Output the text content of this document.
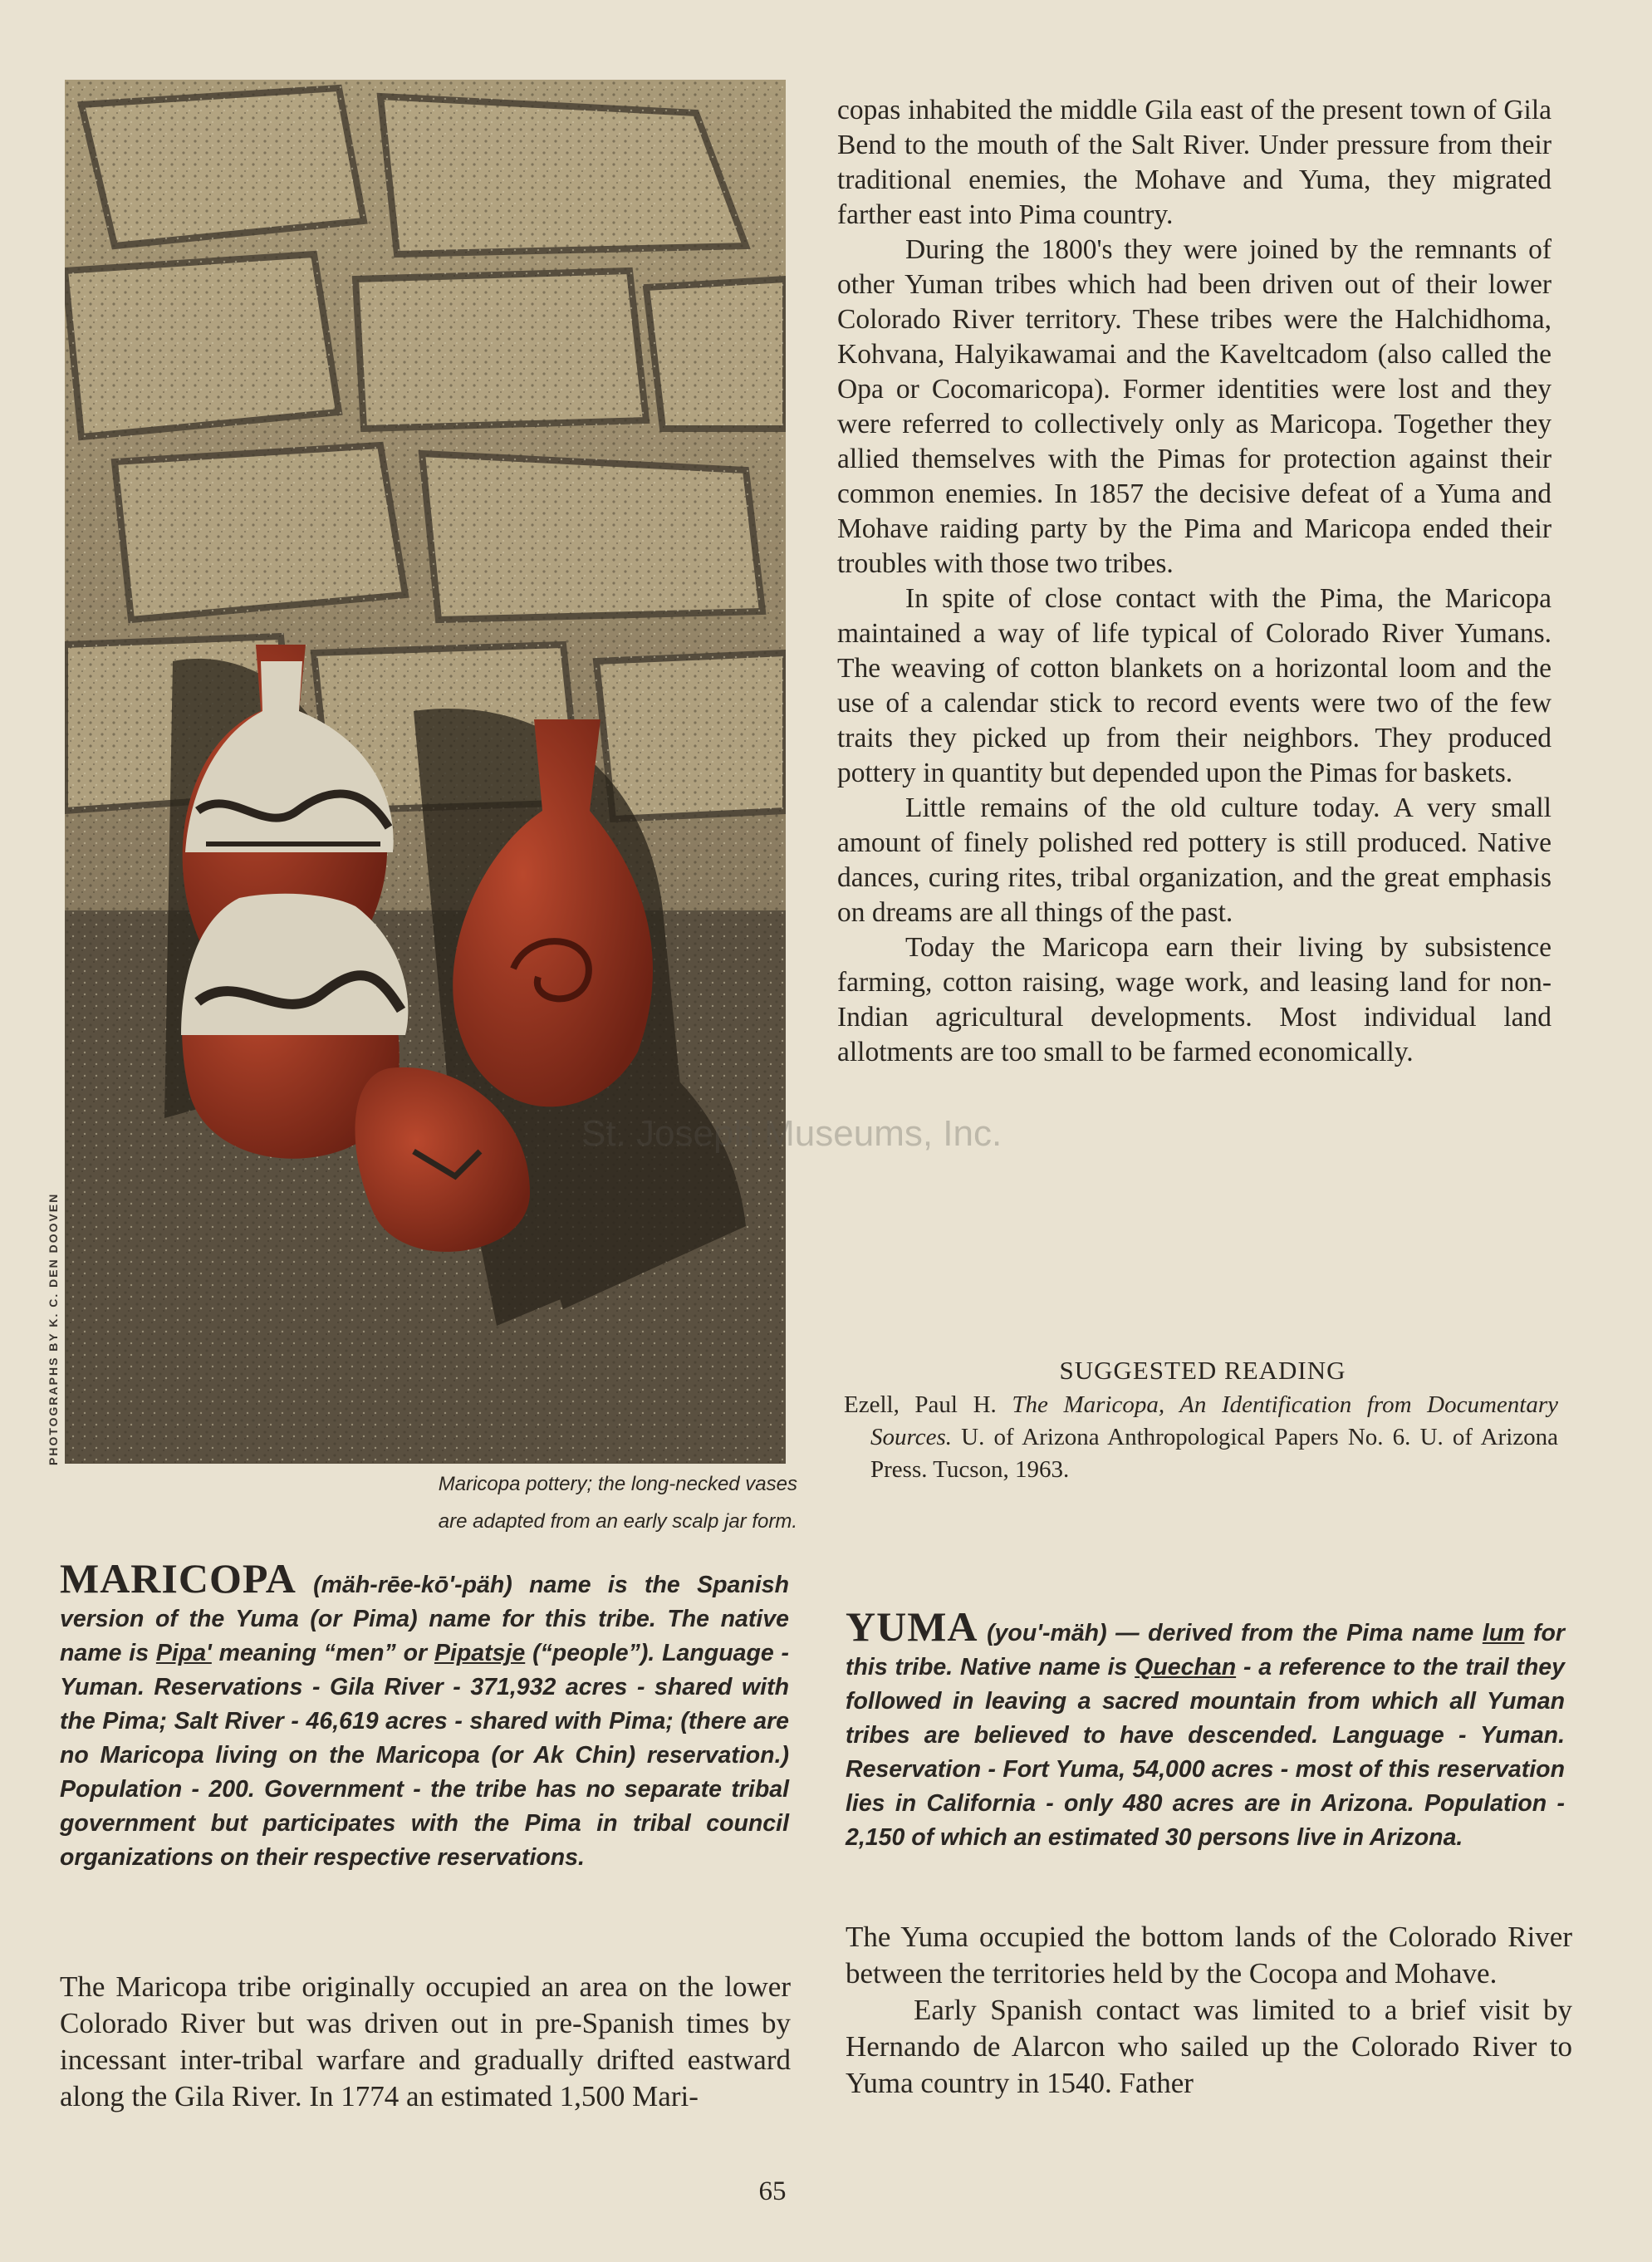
PHOTOGRAPHS BY K. C. DEN DOOVEN
Maricopa pottery; the long-necked vases
are adapted from an early scalp jar form.

copas inhabited the middle Gila east of the present town of Gila Bend to the mouth of the Salt River. Under pressure from their traditional enemies, the Mohave and Yuma, they migrated farther east into Pima country.

During the 1800's they were joined by the remnants of other Yuman tribes which had been driven out of their lower Colorado River territory. These tribes were the Halchidhoma, Kohvana, Halyikawamai and the Kaveltcadom (also called the Opa or Cocomaricopa). Former identities were lost and they were referred to collectively only as Maricopa. Together they allied themselves with the Pimas for protection against their common enemies. In 1857 the decisive defeat of a Yuma and Mohave raiding party by the Pima and Maricopa ended their troubles with those two tribes.

In spite of close contact with the Pima, the Maricopa maintained a way of life typical of Colorado River Yumans. The weaving of cotton blankets on a horizontal loom and the use of a calendar stick to record events were two of the few traits they picked up from their neighbors. They produced pottery in quantity but depended upon the Pimas for baskets.

Little remains of the old culture today. A very small amount of finely polished red pottery is still produced. Native dances, curing rites, tribal organization, and the great emphasis on dreams are all things of the past.

Today the Maricopa earn their living by subsistence farming, cotton raising, wage work, and leasing land for non-Indian agricultural developments. Most individual land allotments are too small to be farmed economically.

SUGGESTED READING
Ezell, Paul H. The Maricopa, An Identification from Documentary Sources. U. of Arizona Anthropological Papers No. 6. U. of Arizona Press. Tucson, 1963.
MARICOPA (mäh-rēe-kō'-päh) name is the Spanish version of the Yuma (or Pima) name for this tribe. The native name is Pipa' meaning “men” or Pipatsje (“people”). Language - Yuman. Reservations - Gila River - 371,932 acres - shared with the Pima; Salt River - 46,619 acres - shared with Pima; (there are no Maricopa living on the Maricopa (or Ak Chin) reservation.) Population - 200. Government - the tribe has no separate tribal government but participates with the Pima in tribal council organizations on their respective reservations.

The Maricopa tribe originally occupied an area on the lower Colorado River but was driven out in pre-Spanish times by incessant inter-tribal warfare and gradually drifted eastward along the Gila River. In 1774 an estimated 1,500 Mari-

YUMA (you'-mäh) — derived from the Pima name lum for this tribe. Native name is Quechan - a reference to the trail they followed in leaving a sacred mountain from which all Yuman tribes are believed to have descended. Language - Yuman. Reservation - Fort Yuma, 54,000 acres - most of this reservation lies in California - only 480 acres are in Arizona. Population - 2,150 of which an estimated 30 persons live in Arizona.

The Yuma occupied the bottom lands of the Colorado River between the territories held by the Cocopa and Mohave.

Early Spanish contact was limited to a brief visit by Hernando de Alarcon who sailed up the Colorado River to Yuma country in 1540. Father

St. Joseph Museums, Inc.
65
